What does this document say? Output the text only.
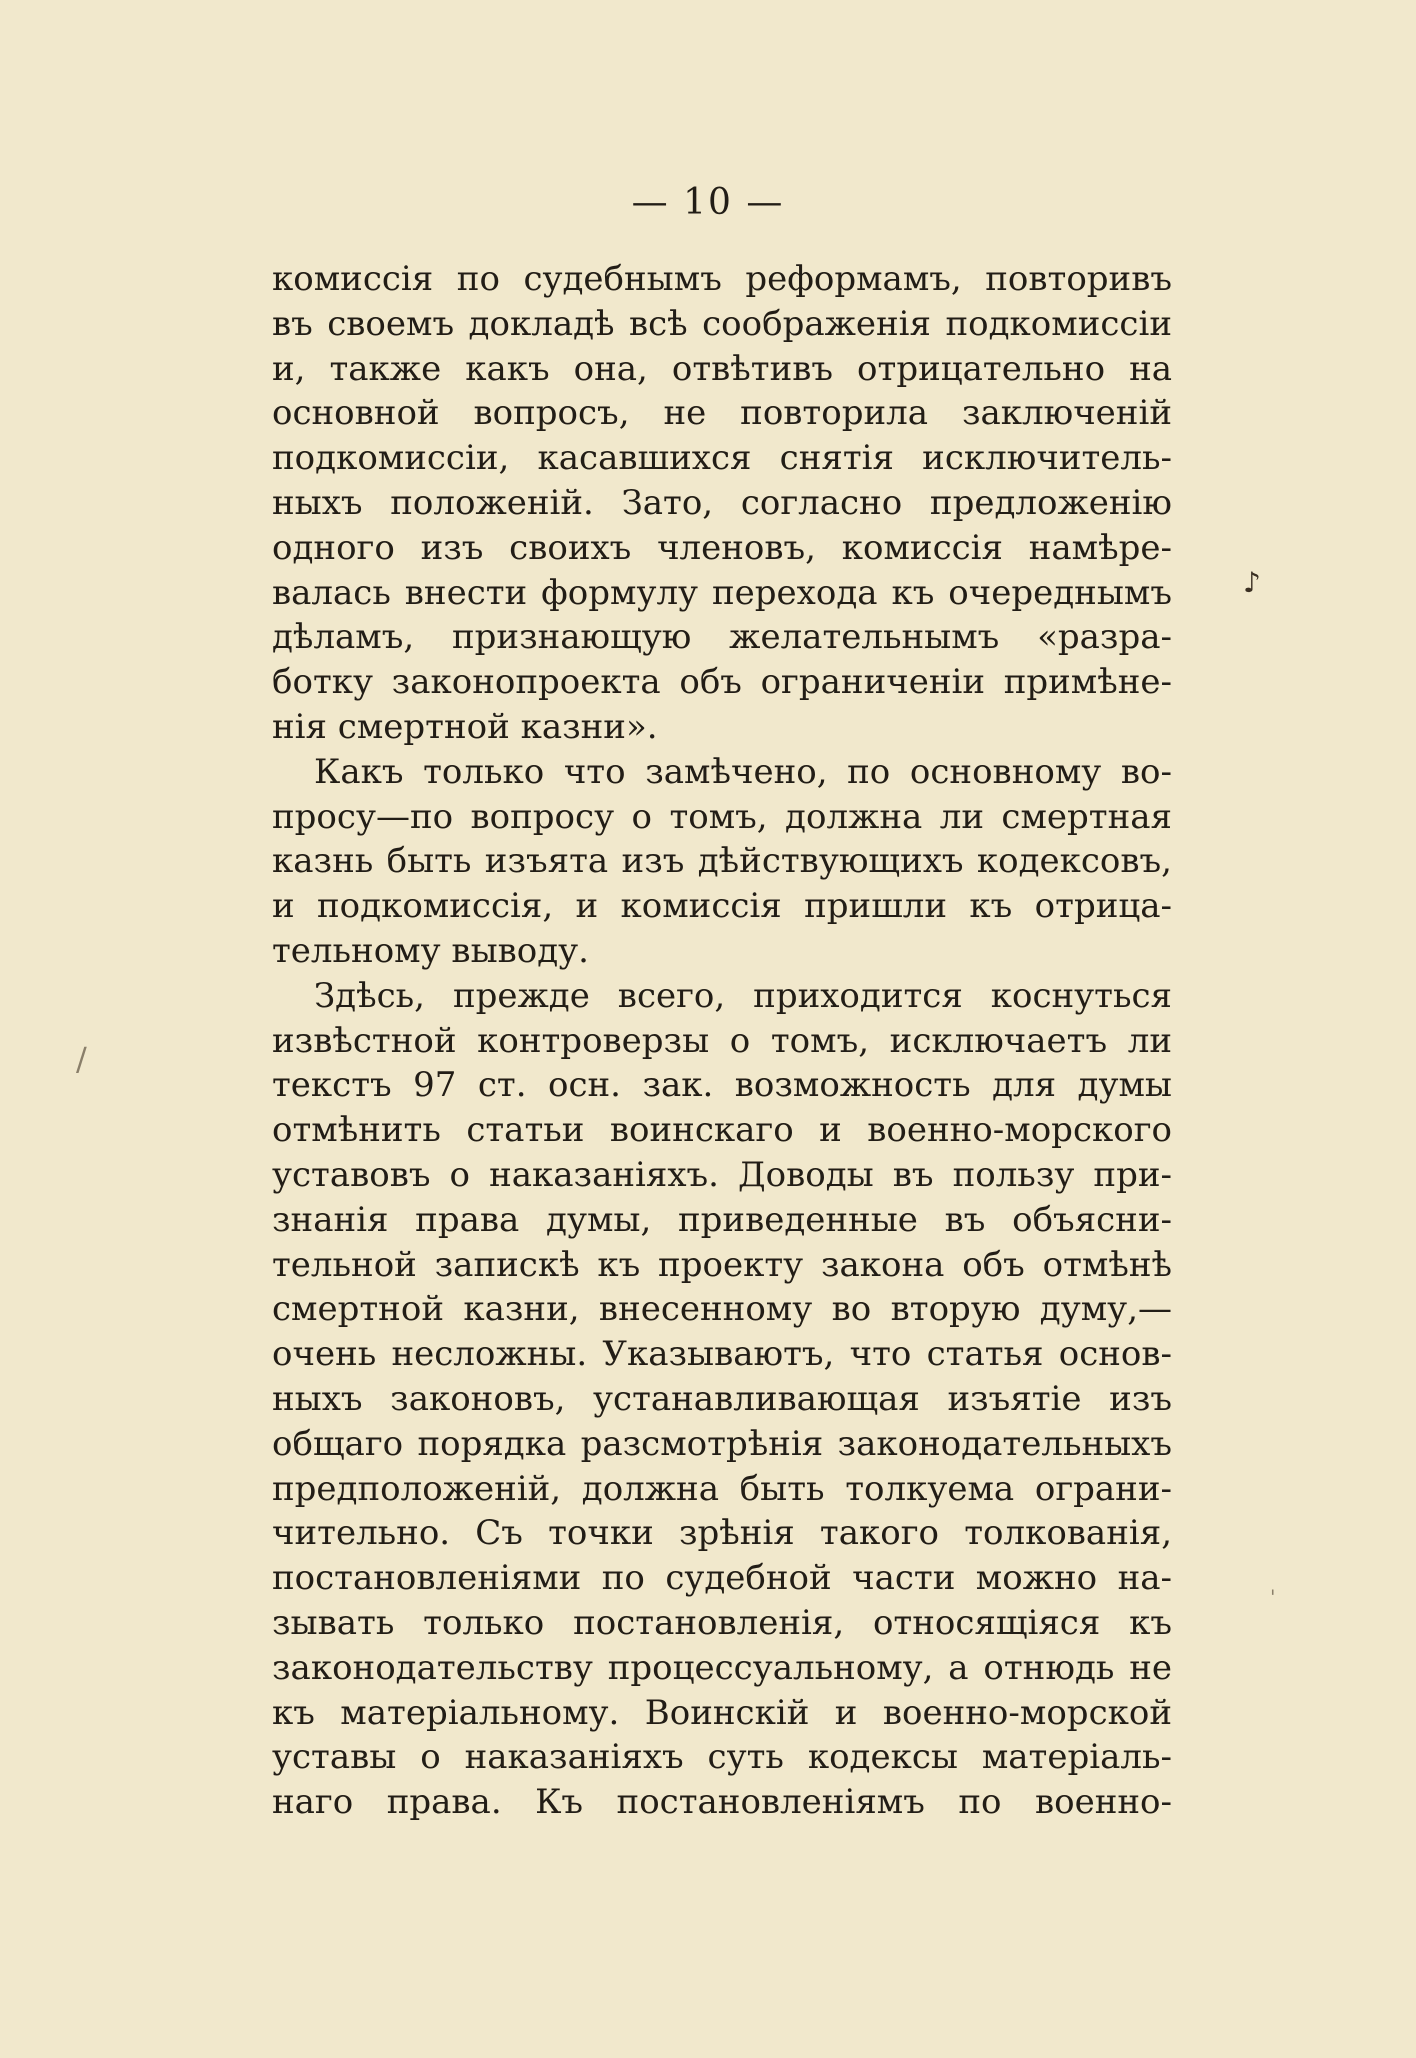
— 10 —
комиссія по судебнымъ реформамъ, повторивъ
въ своемъ докладѣ всѣ соображенія подкомиссіи
и, также какъ она, отвѣтивъ отрицательно на
основной вопросъ, не повторила заключеній
подкомиссіи, касавшихся снятія исключитель-
ныхъ положеній. Зато, согласно предложенію
одного изъ своихъ членовъ, комиссія намѣре-
валась внести формулу перехода къ очереднымъ
дѣламъ, признающую желательнымъ «разра-
ботку законопроекта объ ограниченіи примѣне-
нія смертной казни».
Какъ только что замѣчено, по основному во-
просу—по вопросу о томъ, должна ли смертная
казнь быть изъята изъ дѣйствующихъ кодексовъ,
и подкомиссія, и комиссія пришли къ отрица-
тельному выводу.
Здѣсь, прежде всего, приходится коснуться
извѣстной контроверзы о томъ, исключаетъ ли
текстъ 97 ст. осн. зак. возможность для думы
отмѣнить статьи воинскаго и военно-морского
уставовъ о наказаніяхъ. Доводы въ пользу при-
знанія права думы, приведенные въ объясни-
тельной запискѣ къ проекту закона объ отмѣнѣ
смертной казни, внесенному во вторую думу,—
очень несложны. Указываютъ, что статья основ-
ныхъ законовъ, устанавливающая изъятіе изъ
общаго порядка разсмотрѣнія законодательныхъ
предположеній, должна быть толкуема ограни-
чительно. Съ точки зрѣнія такого толкованія,
постановленіями по судебной части можно на-
зывать только постановленія, относящіяся къ
законодательству процессуальному, а отнюдь не
къ матеріальному. Воинскій и военно-морской
уставы о наказаніяхъ суть кодексы матеріаль-
наго права. Къ постановленіямъ по военно-
♪
/
'
